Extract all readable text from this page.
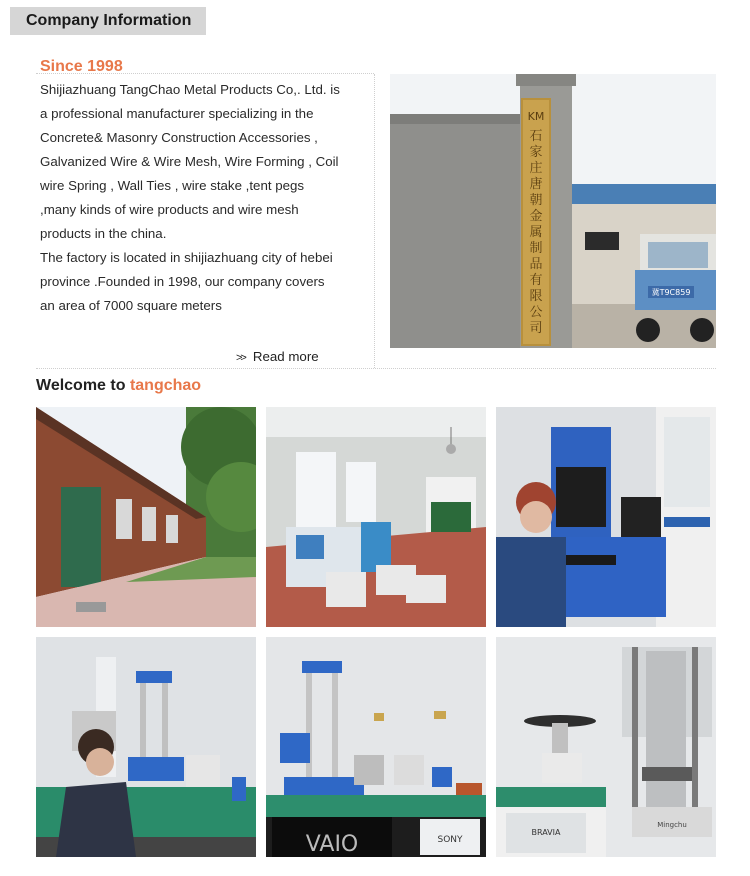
Company Information
Since 1998

Shijiazhuang TangChao Metal Products Co,. Ltd. is a professional manufacturer specializing in the Concrete& Masonry Construction Accessories , Galvanized Wire & Wire Mesh, Wire Forming , Coil wire Spring , Wall Ties , wire stake ,tent pegs ,many kinds of wire products and wire mesh products in the china.

The factory is located in shijiazhuang city of hebei province .Founded in 1998, our company covers an area of 7000 square meters

>> Read more
KM
石
家
庄
唐
朝
金
属
制
品
有
限
公
司
冀T9C859
Welcome to tangchao
SONY
VAIO
Mingchu
BRAVIA
